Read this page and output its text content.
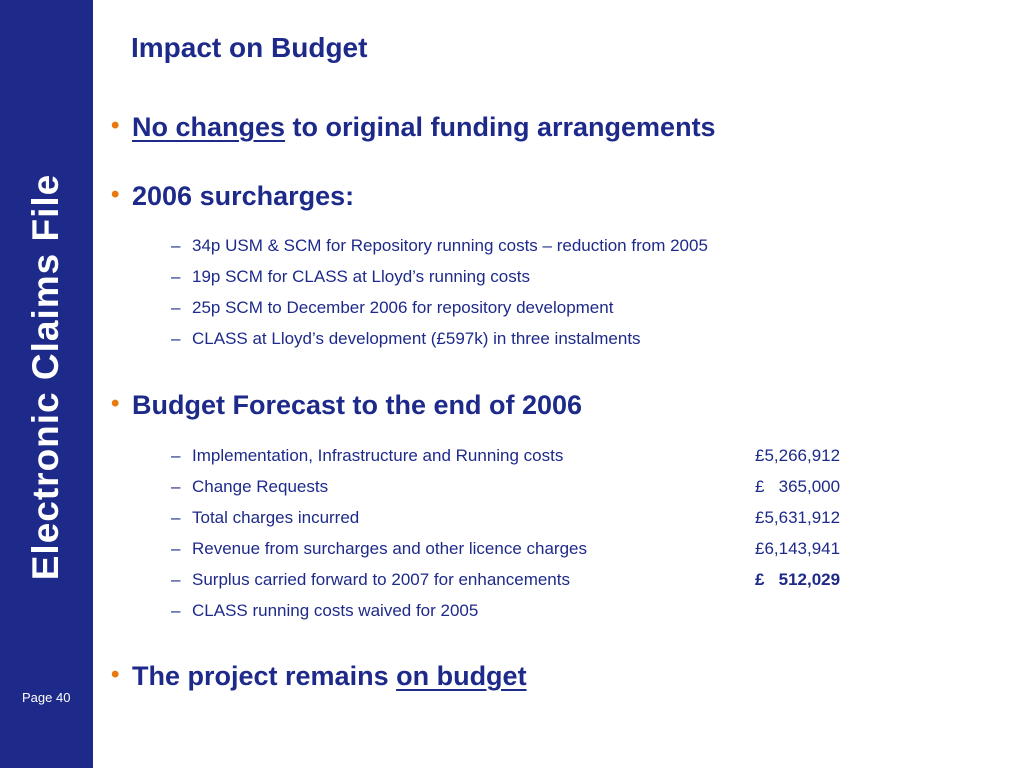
Electronic Claims File
Page 40
Impact on Budget
• No changes to original funding arrangements
• 2006 surcharges:
– 34p USM & SCM for Repository running costs – reduction from 2005
– 19p SCM for CLASS at Lloyd’s running costs
– 25p SCM to December 2006 for repository development
– CLASS at Lloyd’s development (£597k) in three instalments
• Budget Forecast to the end of 2006
– Implementation, Infrastructure and Running costs	£5,266,912
– Change Requests	£   365,000
– Total charges incurred	£5,631,912
– Revenue from surcharges and other licence charges	£6,143,941
– Surplus carried forward to 2007 for enhancements	£   512,029
– CLASS running costs waived for 2005
• The project remains on budget
